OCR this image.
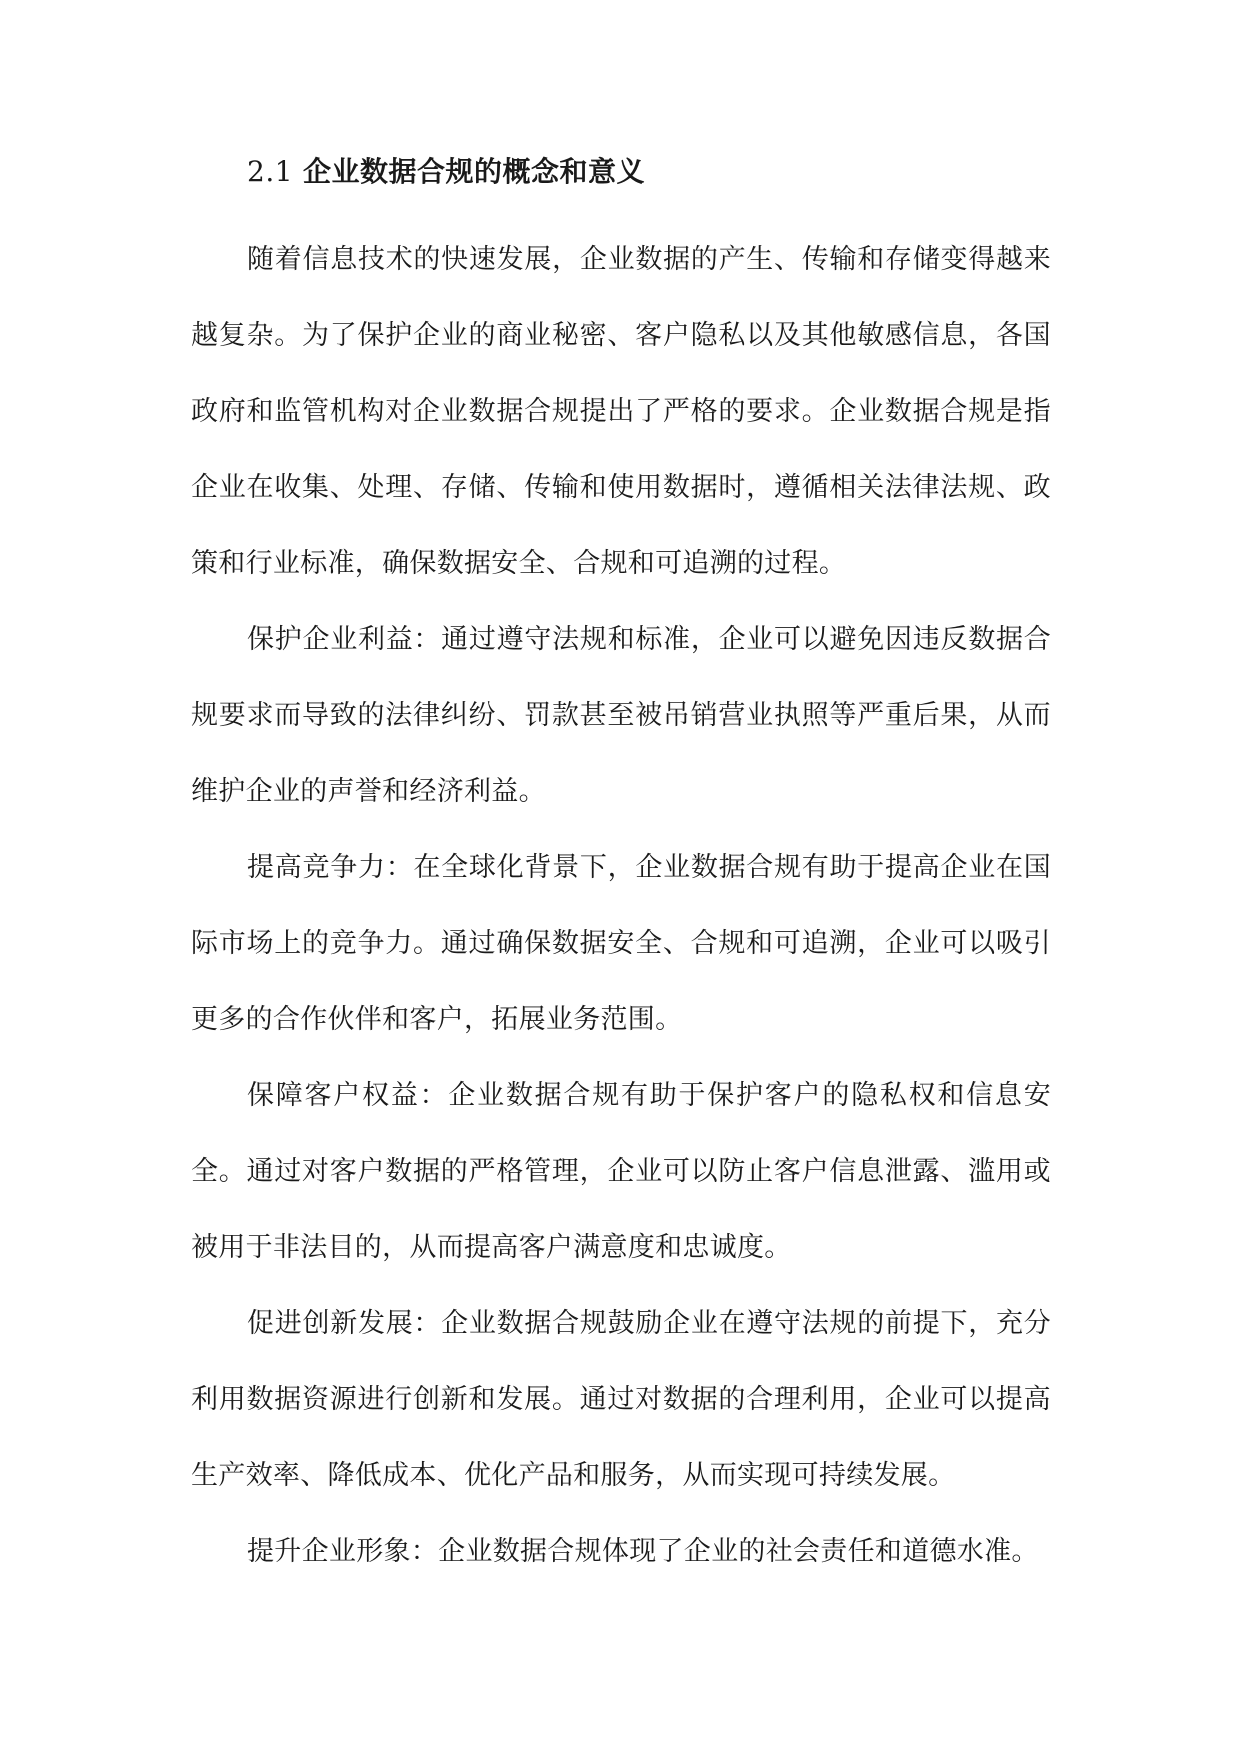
2.1 企业数据合规的概念和意义

随着信息技术的快速发展，企业数据的产生、传输和存储变得越来越复杂。为了保护企业的商业秘密、客户隐私以及其他敏感信息，各国政府和监管机构对企业数据合规提出了严格的要求。企业数据合规是指企业在收集、处理、存储、传输和使用数据时，遵循相关法律法规、政策和行业标准，确保数据安全、合规和可追溯的过程。

保护企业利益：通过遵守法规和标准，企业可以避免因违反数据合规要求而导致的法律纠纷、罚款甚至被吊销营业执照等严重后果，从而维护企业的声誉和经济利益。

提高竞争力：在全球化背景下，企业数据合规有助于提高企业在国际市场上的竞争力。通过确保数据安全、合规和可追溯，企业可以吸引更多的合作伙伴和客户，拓展业务范围。

保障客户权益：企业数据合规有助于保护客户的隐私权和信息安全。通过对客户数据的严格管理，企业可以防止客户信息泄露、滥用或被用于非法目的，从而提高客户满意度和忠诚度。

促进创新发展：企业数据合规鼓励企业在遵守法规的前提下，充分利用数据资源进行创新和发展。通过对数据的合理利用，企业可以提高生产效率、降低成本、优化产品和服务，从而实现可持续发展。

提升企业形象：企业数据合规体现了企业的社会责任和道德水准。
